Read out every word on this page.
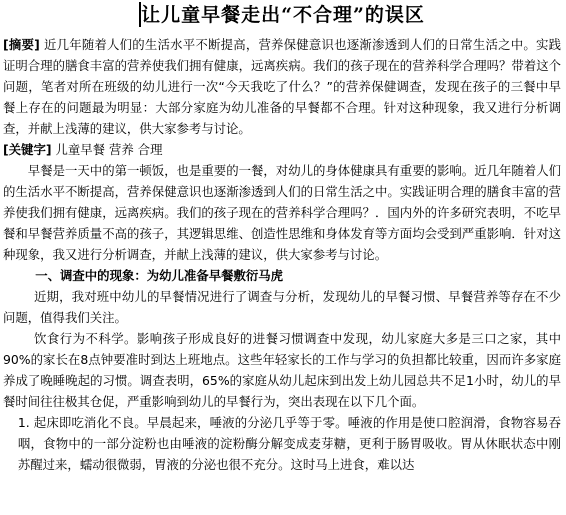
让儿童早餐走出“不合理”的误区

[摘要] 近几年随着人们的生活水平不断提高，营养保健意识也逐渐渗透到人们的日常生活之中。实践证明合理的膳食丰富的营养使我们拥有健康，远离疾病。我们的孩子现在的营养科学合理吗？带着这个问题，笔者对所在班级的幼儿进行一次“今天我吃了什么？”的营养保健调查，发现在孩子的三餐中早餐上存在的问题最为明显：大部分家庭为幼儿准备的早餐都不合理。针对这种现象，我又进行分析调查，并献上浅薄的建议，供大家参考与讨论。

[关键字] 儿童早餐 营养 合理

早餐是一天中的第一顿饭，也是重要的一餐，对幼儿的身体健康具有重要的影响。近几年随着人们的生活水平不断提高，营养保健意识也逐渐渗透到人们的日常生活之中。实践证明合理的膳食丰富的营养使我们拥有健康，远离疾病。我们的孩子现在的营养科学合理吗？．国内外的许多研究表明，不吃早餐和早餐营养质量不高的孩子，其逻辑思维、创造性思维和身体发育等方面均会受到严重影响．针对这种现象，我又进行分析调查，并献上浅薄的建议，供大家参考与讨论。

一、调查中的现象：为幼儿准备早餐敷衍马虎

近期，我对班中幼儿的早餐情况进行了调查与分析，发现幼儿的早餐习惯、早餐营养等存在不少问题，值得我们关注。

饮食行为不科学。影响孩子形成良好的进餐习惯调查中发现，幼儿家庭大多是三口之家，其中90%的家长在8点钟要准时到达上班地点。这些年轻家长的工作与学习的负担都比较重，因而许多家庭养成了晚睡晚起的习惯。调查表明，65%的家庭从幼儿起床到出发上幼儿园总共不足1小时，幼儿的早餐时间往往极其仓促，严重影响到幼儿的早餐行为，突出表现在以下几个面。

1. 起床即吃消化不良。早晨起来，唾液的分泌几乎等于零。唾液的作用是使口腔润滑，食物容易吞咽，食物中的一部分淀粉也由唾液的淀粉酶分解变成麦芽糖，更利于肠胃吸收。胃从休眠状态中刚苏醒过来，蠕动很微弱，胃液的分泌也很不充分。这时马上进食，难以达
